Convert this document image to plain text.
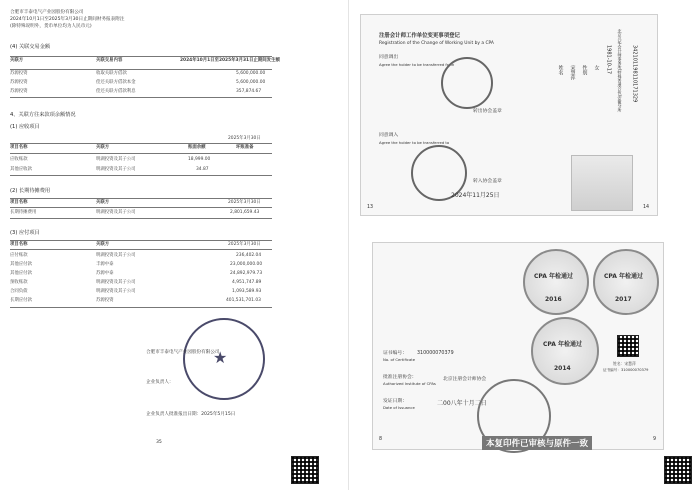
合肥市丰泰电气产业园股份有限公司
2024年10月1日至2025年3月30日止期间财务报表附注
(除特殊说明外，货币单位均为人民币元)
(4) 关联交易金额
关联方	关联交易内容	2024年10月1日至2025年3月31日止期间发生额
苏源投资	收取关联方借款	5,600,000.00
苏源投资	偿还关联方借款本金	5,600,000.00
苏源投资	偿还关联方借款利息	357,874.67
4、关联方往来款项余额情况
(1) 应收项目
2025年3月30日
项目名称	关联方	账面余额	坏账准备
应收账款	明湖投资及其子公司	18,999.00
其他应收款	明湖投资及其子公司	34.87
(2) 长期待摊费用
项目名称	关联方	2025年3月30日
长期待摊费用	明湖投资及其子公司	2,801,659.43
(3) 应付项目
项目名称	关联方	2025年3月30日
应付账款	明湖投资及其子公司	236,402.04
其他应付款	丰源中泰	23,000,000.00
其他应付款	苏源中泰	24,892,979.73
预收账款	明湖投资及其子公司	4,951,747.89
合同负债	明湖投资及其子公司	1,093,589.93
长期应付款	苏源投资	401,531,701.03
★
合肥市丰泰电气产业园股份有限公司
企业负责人：
企业负责人批准报出日期：2025年5月15日
35
注册会计师工作单位变更事项登记
Registration of the Change of Working Unit by a CPA
同意调出
Agree the holder to be transferred from
转出协会盖章
同意调入
Agree the holder to be transferred to
转入协会盖章
2024年11月25日
13
姓名 宋慧萍 性别 女 1981-10-17 北京兴华会计师事务所(特殊普通合伙)安徽分所 342101198110171329
14
CPA 年检通过
2016
CPA 年检通过
2017
CPA 年检通过
2014
姓名：宋慧萍
证书编号：310000070379
证书编号：
No. of Certificate
310000070379
批准注册协会：
Authorized Institute of CPAs
北京注册会计师协会
发证日期：
Date of Issuance
二00八年十月二日
8	9
本复印件已审核与原件一致
